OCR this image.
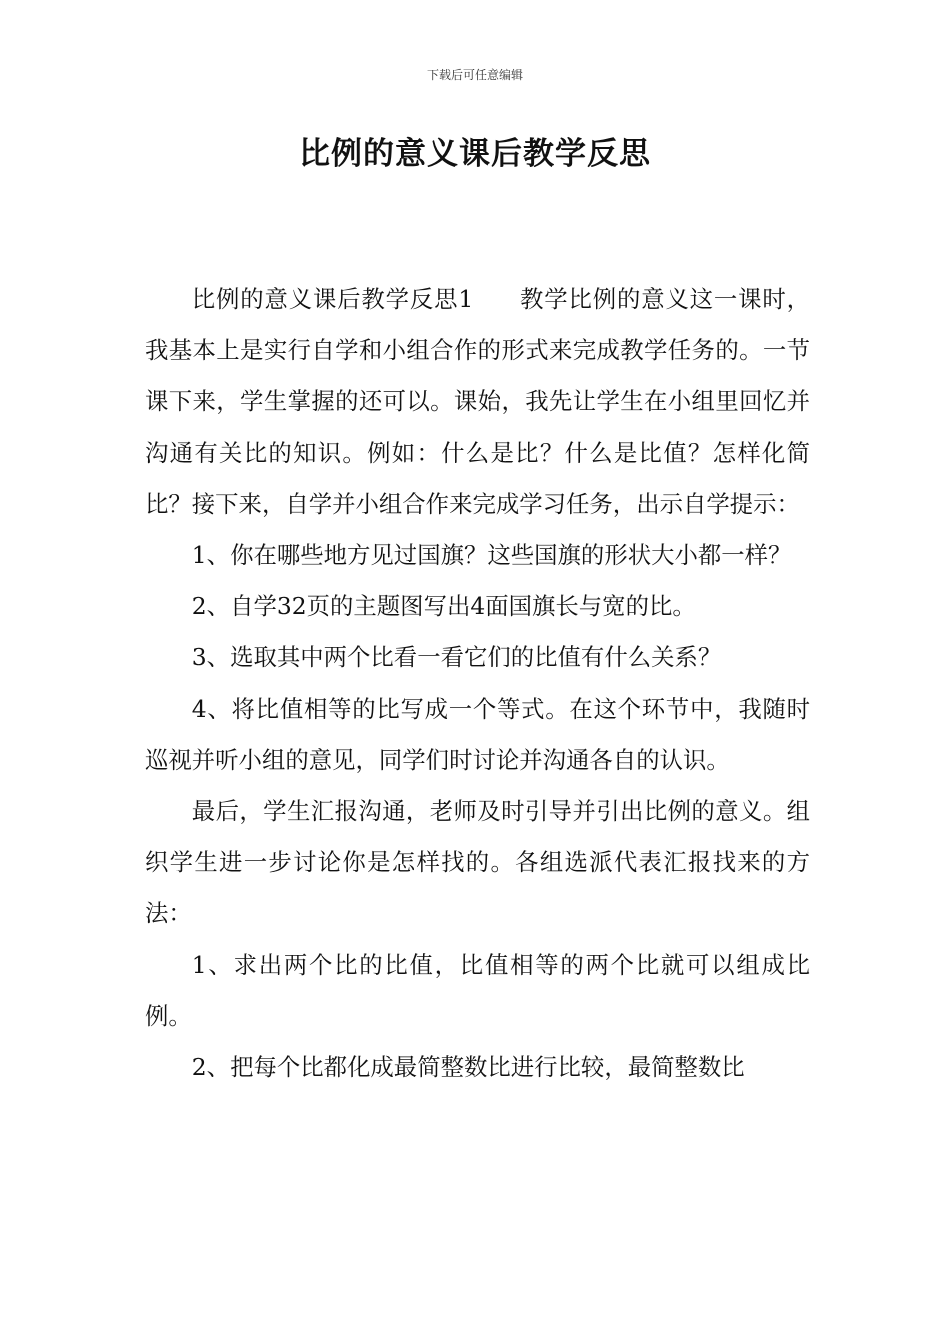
下载后可任意编辑
比例的意义课后教学反思

比例的意义课后教学反思1 教学比例的意义这一课时，我基本上是实行自学和小组合作的形式来完成教学任务的。一节课下来，学生掌握的还可以。课始，我先让学生在小组里回忆并沟通有关比的知识。例如：什么是比？什么是比值？怎样化简比？接下来，自学并小组合作来完成学习任务，出示自学提示：

1、你在哪些地方见过国旗？这些国旗的形状大小都一样？

2、自学32页的主题图写出4面国旗长与宽的比。

3、选取其中两个比看一看它们的比值有什么关系？

4、将比值相等的比写成一个等式。在这个环节中，我随时巡视并听小组的意见，同学们时讨论并沟通各自的认识。

最后，学生汇报沟通，老师及时引导并引出比例的意义。组织学生进一步讨论你是怎样找的。各组选派代表汇报找来的方法：

1、求出两个比的比值，比值相等的两个比就可以组成比例。

2、把每个比都化成最简整数比进行比较，最简整数比
